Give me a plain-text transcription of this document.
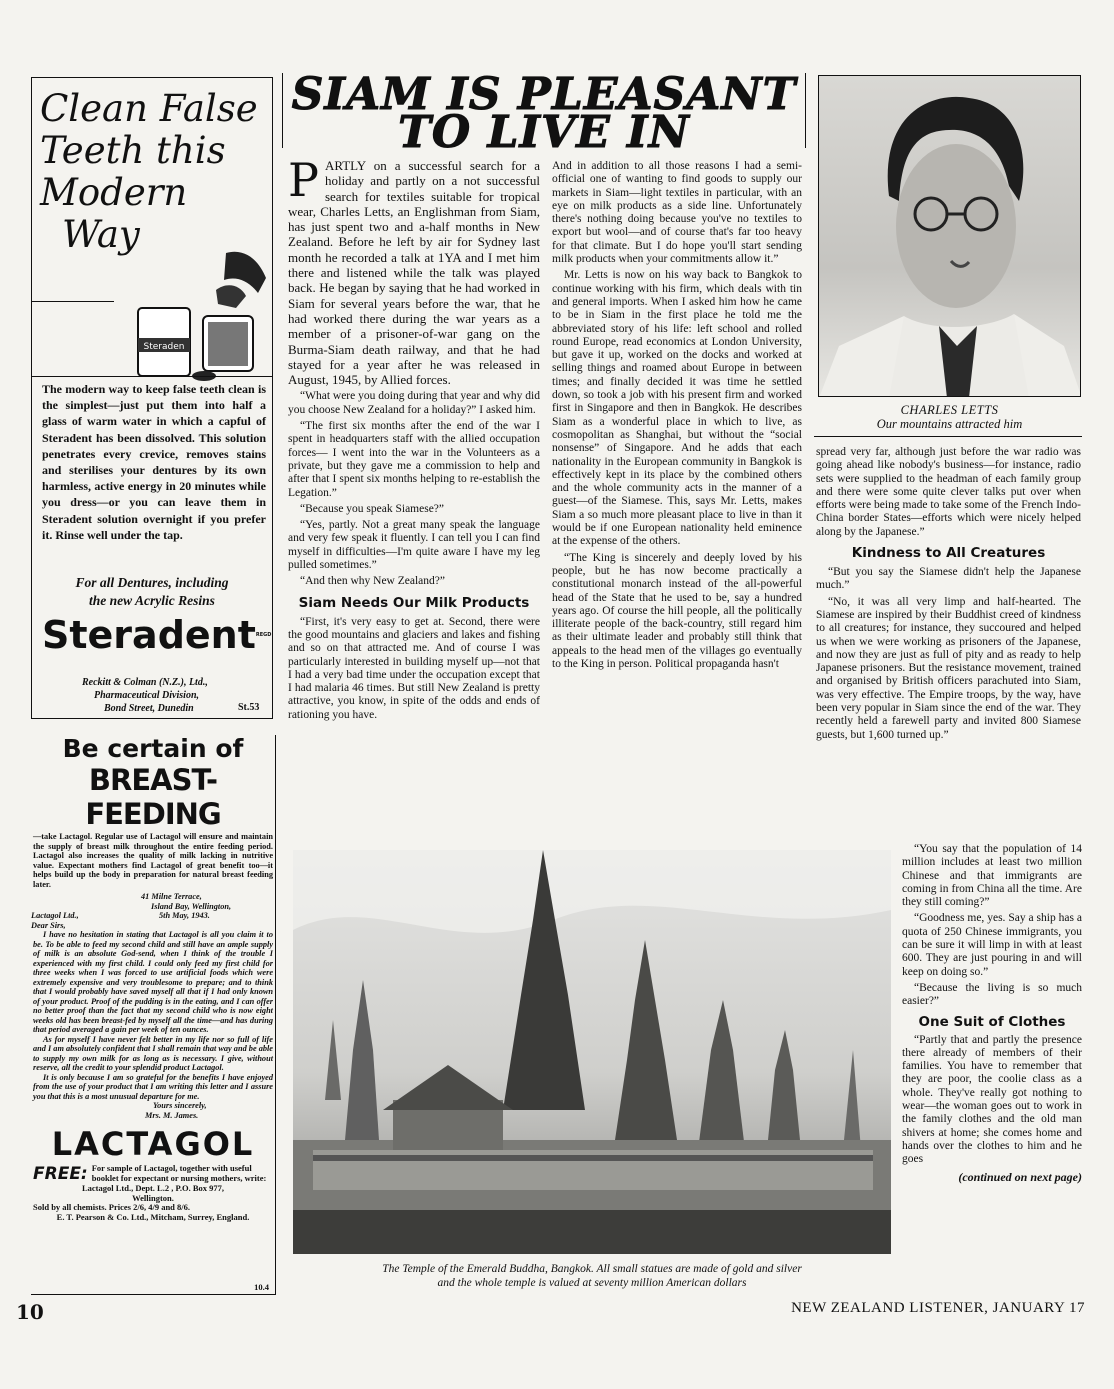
Clean False
Teeth this
Modern
Way
Steraden

The modern way to keep false teeth clean is the simplest—just put them into half a glass of warm water in which a capful of Steradent has been dissolved. This solution penetrates every crevice, removes stains and sterilises your dentures by its own harmless, active energy in 20 minutes while you dress—or you can leave them in Steradent solution overnight if you prefer it. Rinse well under the tap.

For all Dentures, including
the new Acrylic Resins
SteradentREGD
Reckitt & Colman (N.Z.), Ltd.,
Pharmaceutical Division,
Bond Street, Dunedin	St.53
Be certain of
BREAST-FEEDING

—take Lactagol. Regular use of Lactagol will ensure and maintain the supply of breast milk throughout the entire feeding period. Lactagol also increases the quality of milk lacking in nutritive value. Expectant mothers find Lactagol of great benefit too—it helps build up the body in preparation for natural breast feeding later.

41 Milne Terrace,
Island Bay, Wellington,
Lactagol Ltd.,
Dear Sirs,
5th May, 1943.

I have no hesitation in stating that Lactagol is all you claim it to be. To be able to feed my second child and still have an ample supply of milk is an absolute God-send, when I think of the trouble I experienced with my first child. I could only feed my first child for three weeks when I was forced to use artificial foods which were extremely expensive and very troublesome to prepare; and to think that I would probably have saved myself all that if I had only known of your product. Proof of the pudding is in the eating, and I can offer no better proof than the fact that my second child who is now eight weeks old has been breast-fed by myself all the time—and has during that period averaged a gain per week of ten ounces.

As for myself I have never felt better in my life nor so full of life and I am absolutely confident that I shall remain that way and be able to supply my own milk for as long as is necessary. I give, without reserve, all the credit to your splendid product Lactagol.

It is only because I am so grateful for the benefits I have enjoyed from the use of your product that I am writing this letter and I assure you that this is a most unusual departure for me.

Yours sincerely,
Mrs. M. James.
LACTAGOL
FREE: For sample of Lactagol, together with useful booklet for expectant or nursing mothers, write:
Lactagol Ltd., Dept. L.2 , P.O. Box 977,
Wellington.
Sold by all chemists. Prices 2/6, 4/9 and 8/6.
E. T. Pearson & Co. Ltd., Mitcham, Surrey, England.
10.4
SIAM IS PLEASANT
TO LIVE IN
P ARTLY on a successful search for a holiday and partly on a not successful search for textiles suitable for tropical wear, Charles Letts, an Englishman from Siam, has just spent two and a-half months in New Zealand. Before he left by air for Sydney last month he recorded a talk at 1YA and I met him there and listened while the talk was played back. He began by saying that he had worked in Siam for several years before the war, that he had worked there during the war years as a member of a prisoner-of-war gang on the Burma-Siam death railway, and that he had stayed for a year after he was released in August, 1945, by Allied forces.

“What were you doing during that year and why did you choose New Zealand for a holiday?” I asked him.

“The first six months after the end of the war I spent in headquarters staff with the allied occupation forces— I went into the war in the Volunteers as a private, but they gave me a commission to help and after that I spent six months helping to re-establish the Legation.”

“Because you speak Siamese?”

“Yes, partly. Not a great many speak the language and very few speak it fluently. I can tell you I can find myself in difficulties—I'm quite aware I have my leg pulled sometimes.”

“And then why New Zealand?”

Siam Needs Our Milk Products

“First, it's very easy to get at. Second, there were the good mountains and glaciers and lakes and fishing and so on that attracted me. And of course I was particularly interested in building myself up—not that I had a very bad time under the occupation except that I had malaria 46 times. But still New Zealand is pretty attractive, you know, in spite of the odds and ends of rationing you have.

And in addition to all those reasons I had a semi-official one of wanting to find goods to supply our markets in Siam—light textiles in particular, with an eye on milk products as a side line. Unfortunately there's nothing doing because you've no textiles to export but wool—and of course that's far too heavy for that climate. But I do hope you'll start sending milk products when your commitments allow it.”

Mr. Letts is now on his way back to Bangkok to continue working with his firm, which deals with tin and general imports. When I asked him how he came to be in Siam in the first place he told me the abbreviated story of his life: left school and rolled round Europe, read economics at London University, but gave it up, worked on the docks and worked at selling things and roamed about Europe in between times; and finally decided it was time he settled down, so took a job with his present firm and worked first in Singapore and then in Bangkok. He describes Siam as a wonderful place in which to live, as cosmopolitan as Shanghai, but without the “social nonsense” of Singapore. And he adds that each nationality in the European community in Bangkok is effectively kept in its place by the combined others and the whole community acts in the manner of a guest—of the Siamese. This, says Mr. Letts, makes Siam a so much more pleasant place to live in than it would be if one European nationality held eminence at the expense of the others.

“The King is sincerely and deeply loved by his people, but he has now become practically a constitutional monarch instead of the all-powerful head of the State that he used to be, say a hundred years ago. Of course the hill people, all the politically illiterate people of the back-country, still regard him as their ultimate leader and probably still think that appeals to the head men of the villages go eventually to the King in person. Political propaganda hasn't

CHARLES LETTS
Our mountains attracted him

spread very far, although just before the war radio was going ahead like nobody's business—for instance, radio sets were supplied to the headman of each family group and there were some quite clever talks put over when efforts were being made to take some of the French Indo-China border States—efforts which were nicely helped along by the Japanese.”

Kindness to All Creatures

“But you say the Siamese didn't help the Japanese much.”

“No, it was all very limp and half-hearted. The Siamese are inspired by their Buddhist creed of kindness to all creatures; for instance, they succoured and helped us when we were working as prisoners of the Japanese, and now they are just as full of pity and as ready to help Japanese prisoners. But the resistance movement, trained and organised by British officers parachuted into Siam, was very effective. The Empire troops, by the way, have been very popular in Siam since the end of the war. They recently held a farewell party and invited 800 Siamese guests, but 1,600 turned up.”

The Temple of the Emerald Buddha, Bangkok. All small statues are made of gold and silver
and the whole temple is valued at seventy million American dollars

“You say that the population of 14 million includes at least two million Chinese and that immigrants are coming in from China all the time. Are they still coming?”

“Goodness me, yes. Say a ship has a quota of 250 Chinese immigrants, you can be sure it will limp in with at least 600. They are just pouring in and will keep on doing so.”

“Because the living is so much easier?”

One Suit of Clothes

“Partly that and partly the presence there already of members of their families. You have to remember that they are poor, the coolie class as a whole. They've really got nothing to wear—the woman goes out to work in the family clothes and the old man shivers at home; she comes home and hands over the clothes to him and he goes

(continued on next page)
10	NEW ZEALAND LISTENER, JANUARY 17
